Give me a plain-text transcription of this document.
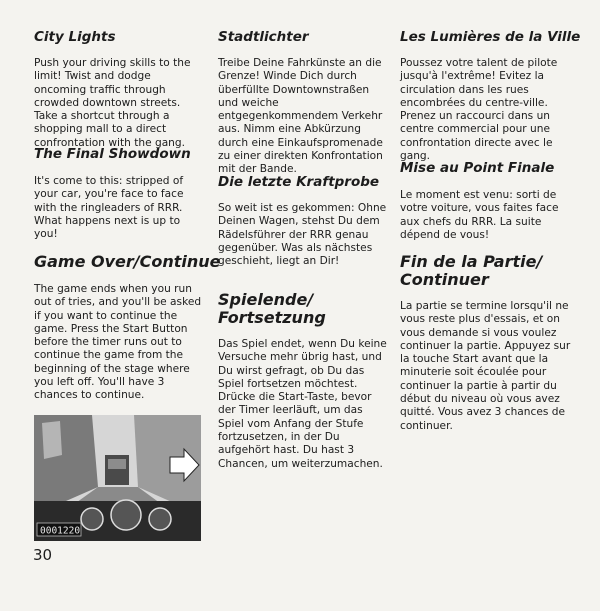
City Lights

Push your driving skills to the limit! Twist and dodge oncoming traffic through crowded downtown streets. Take a shortcut through a shopping mall to a direct confrontation with the gang.

The Final Showdown

It's come to this: stripped of your car, you're face to face with the ringleaders of RRR. What happens next is up to you!

Game Over/Continue

The game ends when you run out of tries, and you'll be asked if you want to continue the game. Press the Start Button before the timer runs out to continue the game from the beginning of the stage where you left off. You'll have 3 chances to continue.

Stadtlichter

Treibe Deine Fahrkünste an die Grenze! Winde Dich durch überfüllte Downtownstraßen und weiche entgegenkommendem Verkehr aus. Nimm eine Abkürzung durch eine Einkaufspromenade zu einer direkten Konfrontation mit der Bande.

Die letzte Kraftprobe

So weit ist es gekommen: Ohne Deinen Wagen, stehst Du dem Rädelsführer der RRR genau gegenüber. Was als nächstes geschieht, liegt an Dir!

Spielende/
Fortsetzung

Das Spiel endet, wenn Du keine Versuche mehr übrig hast, und Du wirst gefragt, ob Du das Spiel fortsetzen möchtest. Drücke die Start-Taste, bevor der Timer leerläuft, um das Spiel vom Anfang der Stufe fortzusetzen, in der Du aufgehört hast. Du hast 3 Chancen, um weiterzumachen.

Les Lumières de la Ville

Poussez votre talent de pilote jusqu'à l'extrême! Evitez la circulation dans les rues encombrées du centre-ville. Prenez un raccourci dans un centre commercial pour une confrontation directe avec le gang.

Mise au Point Finale

Le moment est venu: sorti de votre voiture, vous faites face aux chefs du RRR. La suite dépend de vous!

Fin de la Partie/
Continuer

La partie se termine lorsqu'il ne vous reste plus d'essais, et on vous demande si vous voulez continuer la partie. Appuyez sur la touche Start avant que la minuterie soit écoulée pour continuer la partie à partir du début du niveau où vous avez quitté. Vous avez 3 chances de continuer.

0001220

30
